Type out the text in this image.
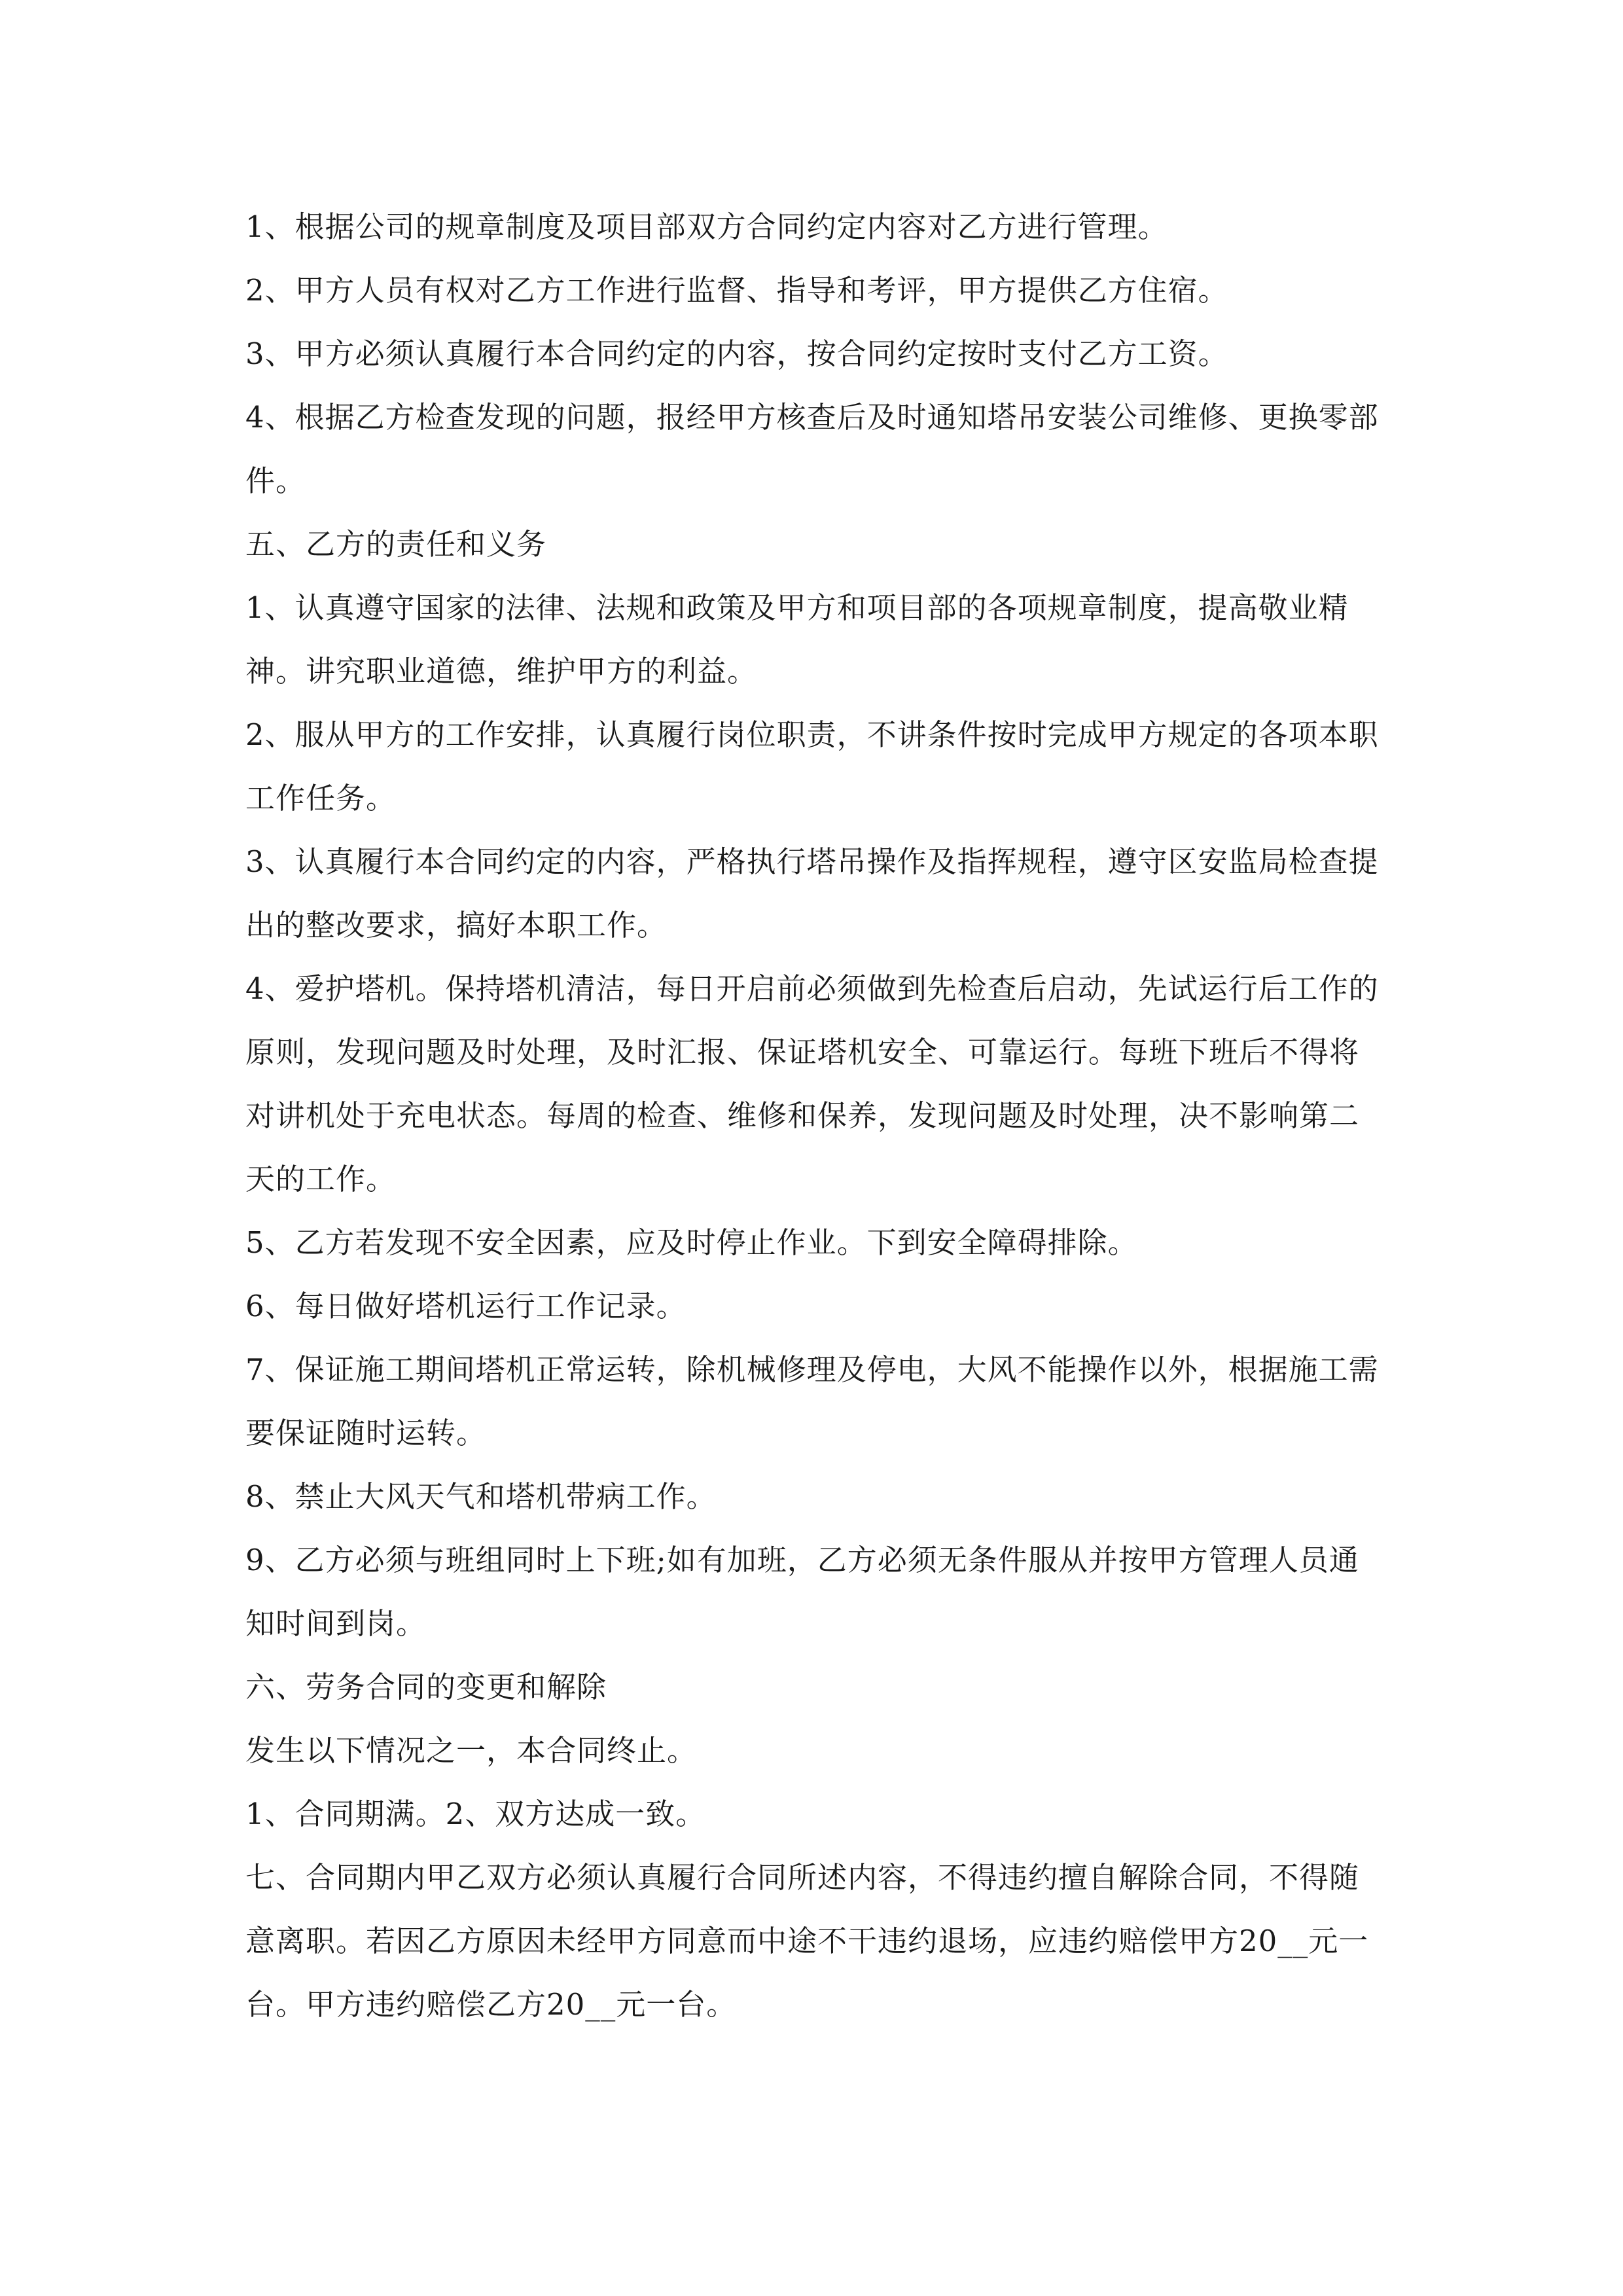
1、根据公司的规章制度及项目部双方合同约定内容对乙方进行管理。

2、甲方人员有权对乙方工作进行监督、指导和考评，甲方提供乙方住宿。

3、甲方必须认真履行本合同约定的内容，按合同约定按时支付乙方工资。

4、根据乙方检查发现的问题，报经甲方核查后及时通知塔吊安装公司维修、更换零部件。

五、乙方的责任和义务

1、认真遵守国家的法律、法规和政策及甲方和项目部的各项规章制度，提高敬业精神。讲究职业道德，维护甲方的利益。

2、服从甲方的工作安排，认真履行岗位职责，不讲条件按时完成甲方规定的各项本职工作任务。

3、认真履行本合同约定的内容，严格执行塔吊操作及指挥规程，遵守区安监局检查提出的整改要求，搞好本职工作。

4、爱护塔机。保持塔机清洁，每日开启前必须做到先检查后启动，先试运行后工作的原则，发现问题及时处理，及时汇报、保证塔机安全、可靠运行。每班下班后不得将对讲机处于充电状态。每周的检查、维修和保养，发现问题及时处理，决不影响第二天的工作。

5、乙方若发现不安全因素，应及时停止作业。下到安全障碍排除。

6、每日做好塔机运行工作记录。

7、保证施工期间塔机正常运转，除机械修理及停电，大风不能操作以外，根据施工需要保证随时运转。

8、禁止大风天气和塔机带病工作。

9、乙方必须与班组同时上下班;如有加班，乙方必须无条件服从并按甲方管理人员通知时间到岗。

六、劳务合同的变更和解除

发生以下情况之一，本合同终止。

1、合同期满。2、双方达成一致。

七、合同期内甲乙双方必须认真履行合同所述内容，不得违约擅自解除合同，不得随意离职。若因乙方原因未经甲方同意而中途不干违约退场，应违约赔偿甲方20__元一台。甲方违约赔偿乙方20__元一台。
